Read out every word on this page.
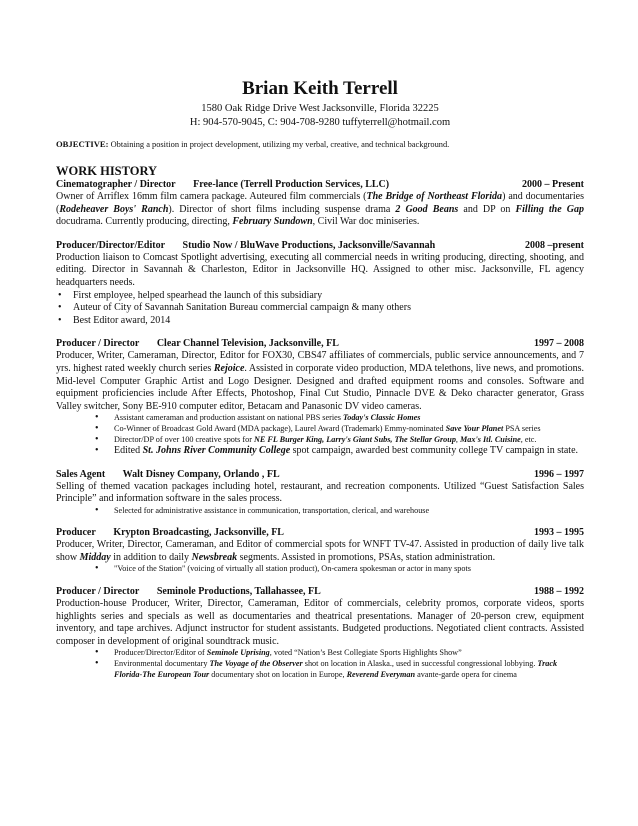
Brian Keith Terrell
1580 Oak Ridge Drive West Jacksonville, Florida 32225
H: 904-570-9045, C: 904-708-9280 tuffyterrell@hotmail.com
OBJECTIVE: Obtaining a position in project development, utilizing my verbal, creative, and technical background.
WORK HISTORY
Cinematographer / Director Free-lance (Terrell Production Services, LLC)	2000 – Present
Owner of Arriflex 16mm film camera package. Auteured film commercials (The Bridge of Northeast Florida) and documentaries (Rodeheaver Boys' Ranch). Director of short films including suspense drama 2 Good Beans and DP on Filling the Gap docudrama. Currently producing, directing, February Sundown, Civil War doc miniseries.
Producer/Director/Editor Studio Now / BluWave Productions, Jacksonville/Savannah	2008 –present
Production liaison to Comcast Spotlight advertising, executing all commercial needs in writing producing, directing, shooting, and editing. Director in Savannah & Charleston, Editor in Jacksonville HQ. Assigned to other misc. Jacksonville, FL agency headquarters needs.
• First employee, helped spearhead the launch of this subsidiary
• Auteur of City of Savannah Sanitation Bureau commercial campaign & many others
• Best Editor award, 2014
Producer / Director Clear Channel Television, Jacksonville, FL	1997 – 2008
Producer, Writer, Cameraman, Director, Editor for FOX30, CBS47 affiliates of commercials, public service announcements, and 7 yrs. highest rated weekly church series Rejoice. Assisted in corporate video production, MDA telethons, live news, and promotions. Mid-level Computer Graphic Artist and Logo Designer. Designed and drafted equipment rooms and consoles. Software and equipment proficiencies include After Effects, Photoshop, Final Cut Studio, Pinnacle DVE & Deko character generator, Grass Valley switcher, Sony BE-910 computer editor, Betacam and Panasonic DV video cameras.
• Assistant cameraman and production assistant on national PBS series Today's Classic Homes
• Co-Winner of Broadcast Gold Award (MDA package), Laurel Award (Trademark) Emmy-nominated Save Your Planet PSA series
• Director/DP of over 100 creative spots for NE FL Burger King, Larry's Giant Subs, The Stellar Group, Max's Itl. Cuisine, etc.
• Edited St. Johns River Community College spot campaign, awarded best community college TV campaign in state.
Sales Agent Walt Disney Company, Orlando , FL	1996 – 1997
Selling of themed vacation packages including hotel, restaurant, and recreation components. Utilized “Guest Satisfaction Sales Principle” and information software in the sales process.
• Selected for administrative assistance in communication, transportation, clerical, and warehouse
Producer Krypton Broadcasting, Jacksonville, FL	1993 – 1995
Producer, Writer, Director, Cameraman, and Editor of commercial spots for WNFT TV-47. Assisted in production of daily live talk show Midday in addition to daily Newsbreak segments. Assisted in promotions, PSAs, station administration.
• "Voice of the Station" (voicing of virtually all station product), On-camera spokesman or actor in many spots
Producer / Director Seminole Productions, Tallahassee, FL	1988 – 1992
Production-house Producer, Writer, Director, Cameraman, Editor of commercials, celebrity promos, corporate videos, sports highlights series and specials as well as documentaries and theatrical presentations. Manager of 20-person crew, equipment inventory, and tape archives. Adjunct instructor for student assistants. Budgeted productions. Negotiated client contracts. Assisted composer in development of original soundtrack music.
• Producer/Director/Editor of Seminole Uprising, voted “Nation’s Best Collegiate Sports Highlights Show”
• Environmental documentary The Voyage of the Observer shot on location in Alaska., used in successful congressional lobbying. Track Florida-The European Tour documentary shot on location in Europe, Reverend Everyman avante-garde opera for cinema
